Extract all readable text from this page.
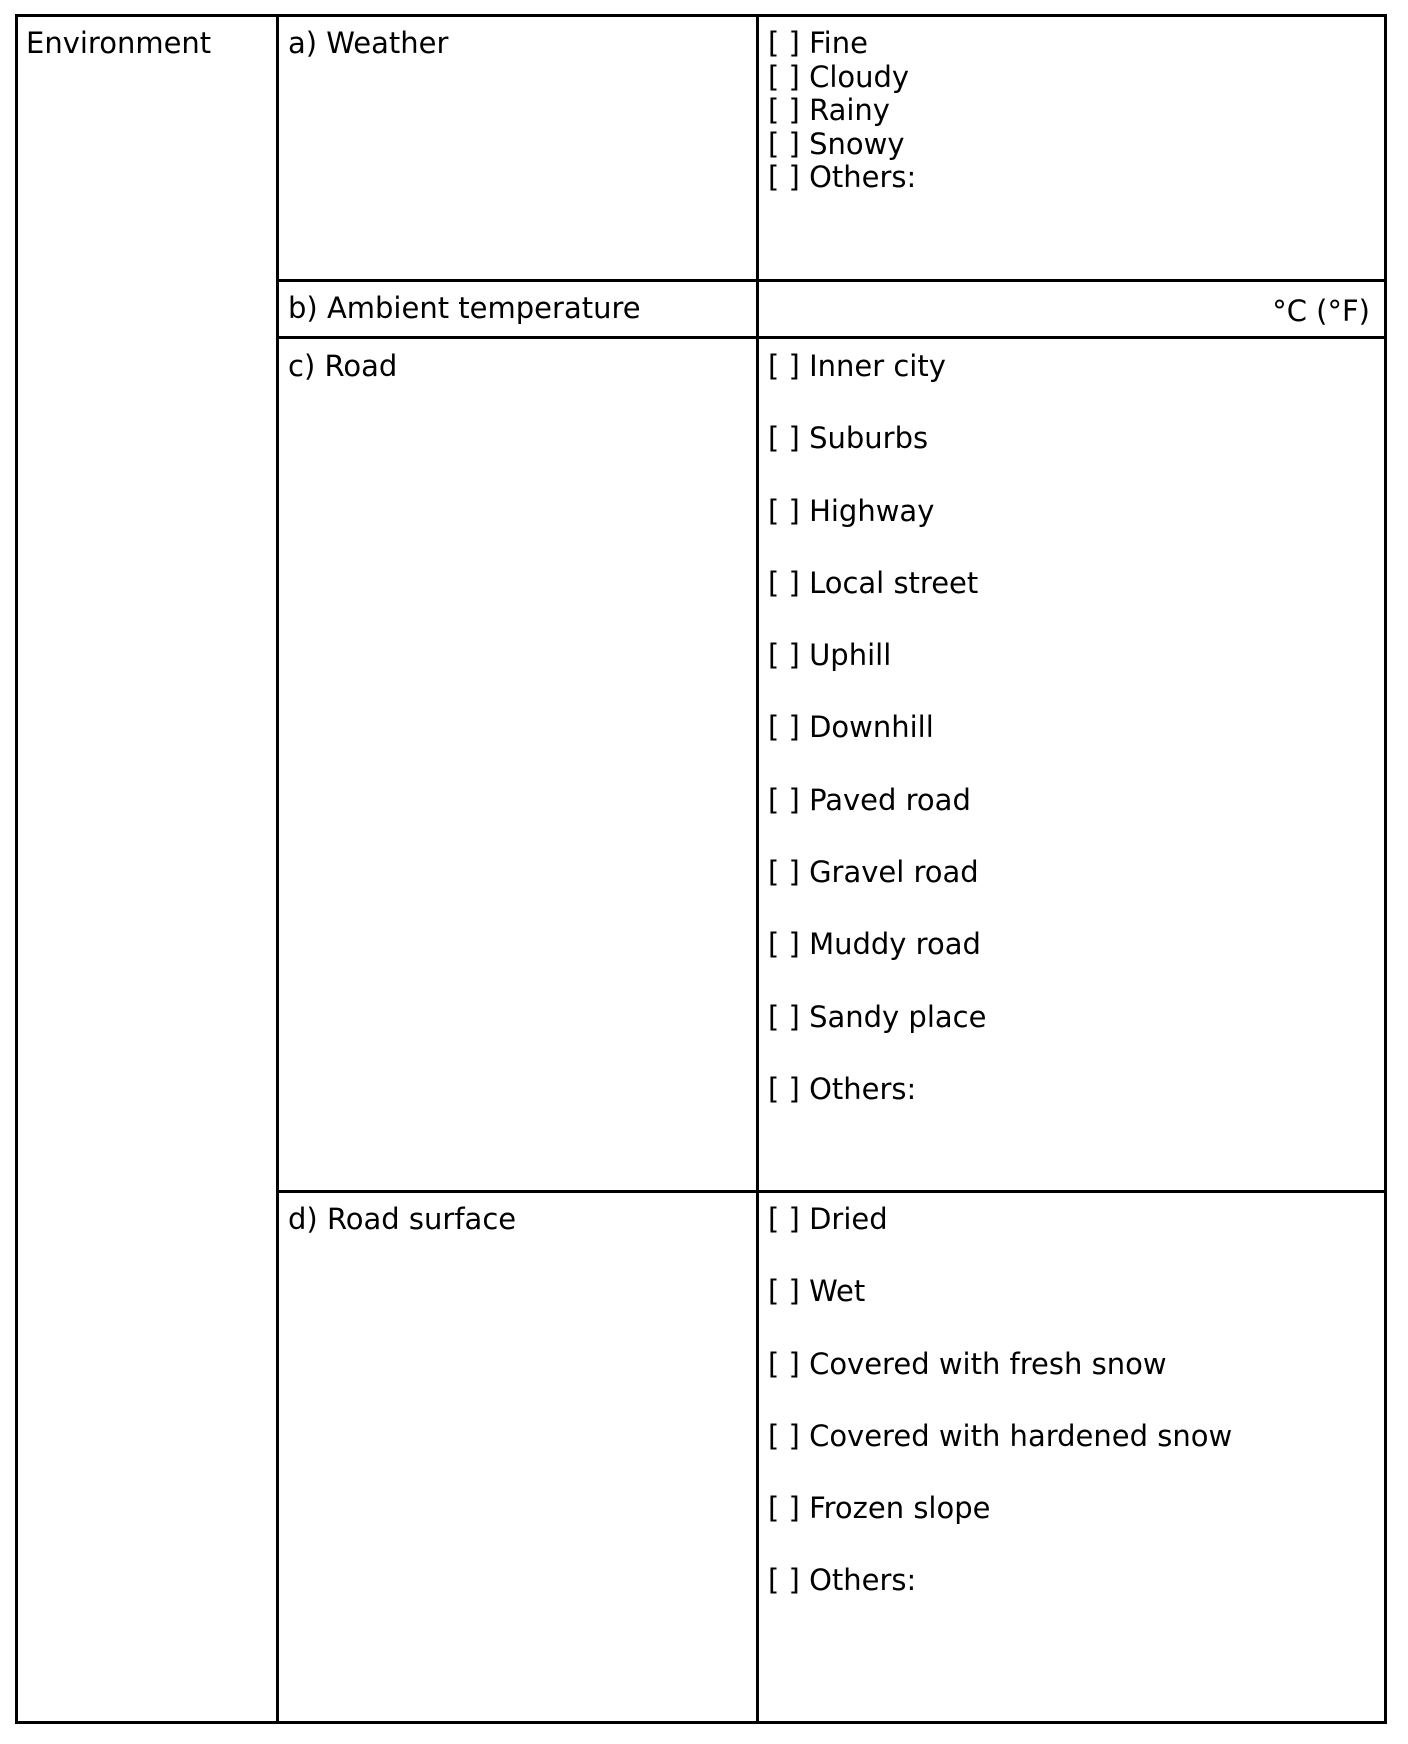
Environment	a) Weather	[ ] Fine
[ ] Cloudy
[ ] Rainy
[ ] Snowy
[ ] Others:
b) Ambient temperature	°C (°F)
c) Road	[ ] Inner city
[ ] Suburbs
[ ] Highway
[ ] Local street
[ ] Uphill
[ ] Downhill
[ ] Paved road
[ ] Gravel road
[ ] Muddy road
[ ] Sandy place
[ ] Others:
d) Road surface	[ ] Dried
[ ] Wet
[ ] Covered with fresh snow
[ ] Covered with hardened snow
[ ] Frozen slope
[ ] Others:
